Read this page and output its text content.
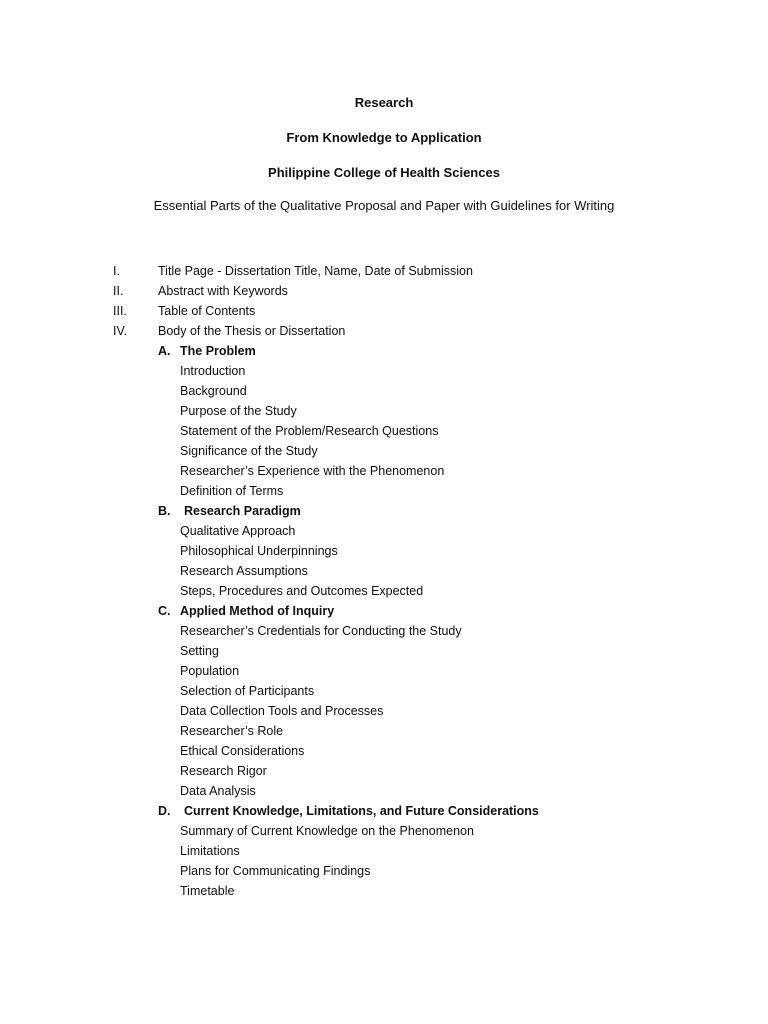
Research
From Knowledge to Application
Philippine College of Health Sciences
Essential Parts of the Qualitative Proposal and Paper with Guidelines for Writing
I.	Title Page - Dissertation Title, Name, Date of Submission
II.	Abstract with Keywords
III. Table of Contents
IV. Body of the Thesis or Dissertation
A. The Problem
Introduction
Background
Purpose of the Study
Statement of the Problem/Research Questions
Significance of the Study
Researcher’s Experience with the Phenomenon
Definition of Terms
B. Research Paradigm
Qualitative Approach
Philosophical Underpinnings
Research Assumptions
Steps, Procedures and Outcomes Expected
C. Applied Method of Inquiry
Researcher’s Credentials for Conducting the Study
Setting
Population
Selection of Participants
Data Collection Tools and Processes
Researcher’s Role
Ethical Considerations
Research Rigor
Data Analysis
D. Current Knowledge, Limitations, and Future Considerations
Summary of Current Knowledge on the Phenomenon
Limitations
Plans for Communicating Findings
Timetable
